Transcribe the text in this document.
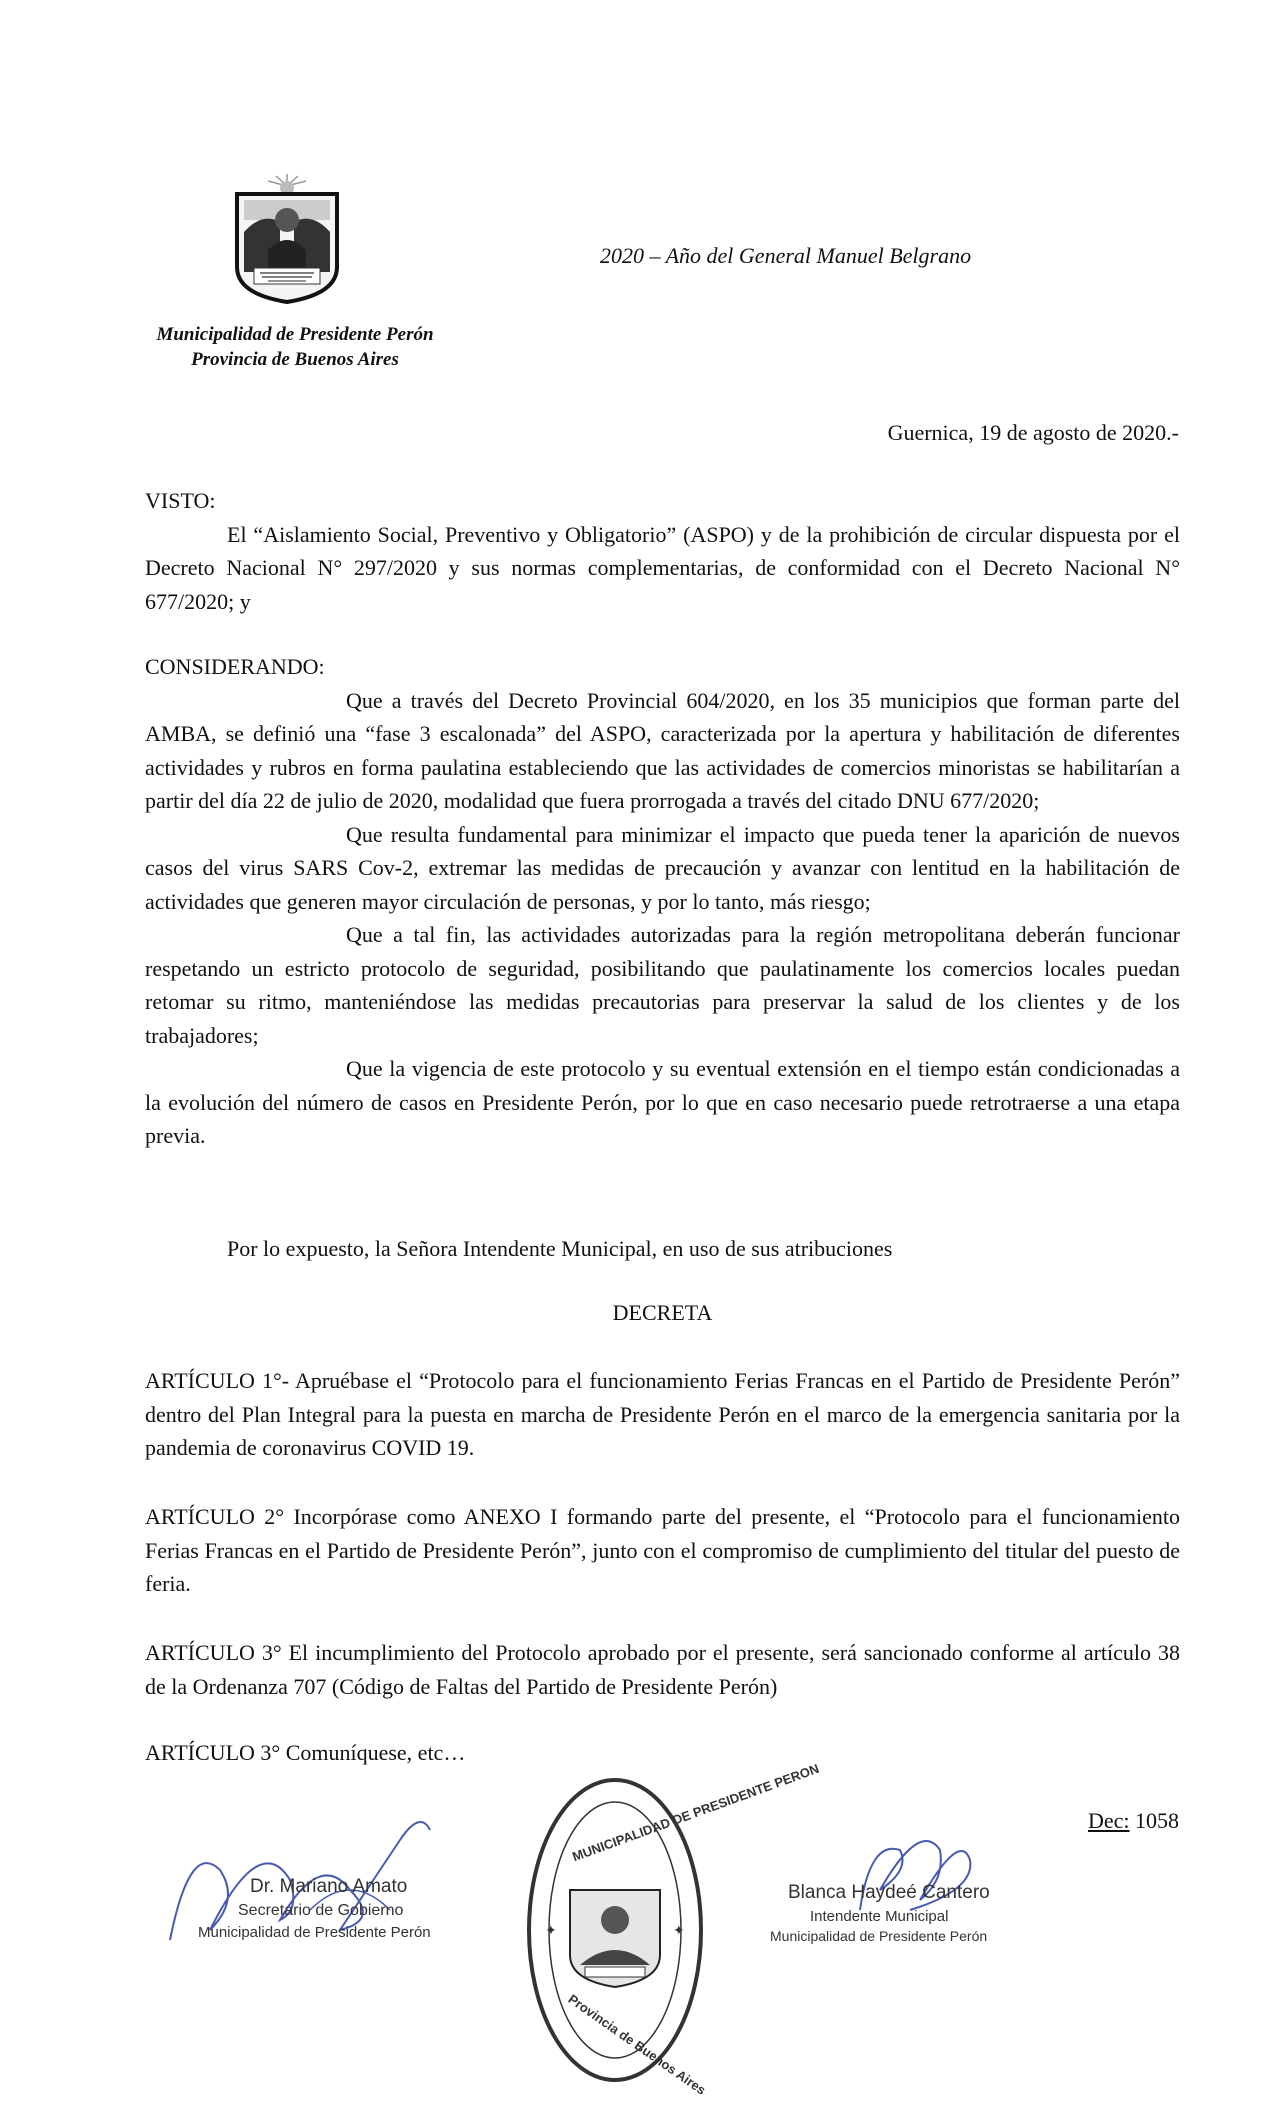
2020 – Año del General Manuel Belgrano
Municipalidad de Presidente Perón
Provincia de Buenos Aires
Guernica, 19 de agosto de 2020.-

VISTO:

El “Aislamiento Social, Preventivo y Obligatorio” (ASPO) y de la prohibición de circular dispuesta por el Decreto Nacional N° 297/2020 y sus normas complementarias, de conformidad con el Decreto Nacional N° 677/2020; y

CONSIDERANDO:

Que a través del Decreto Provincial 604/2020, en los 35 municipios que forman parte del AMBA, se definió una “fase 3 escalonada” del ASPO, caracterizada por la apertura y habilitación de diferentes actividades y rubros en forma paulatina estableciendo que las actividades de comercios minoristas se habilitarían a partir del día 22 de julio de 2020, modalidad que fuera prorrogada a través del citado DNU 677/2020;

Que resulta fundamental para minimizar el impacto que pueda tener la aparición de nuevos casos del virus SARS Cov-2, extremar las medidas de precaución y avanzar con lentitud en la habilitación de actividades que generen mayor circulación de personas, y por lo tanto, más riesgo;

Que a tal fin, las actividades autorizadas para la región metropolitana deberán funcionar respetando un estricto protocolo de seguridad, posibilitando que paulatinamente los comercios locales puedan retomar su ritmo, manteniéndose las medidas precautorias para preservar la salud de los clientes y de los trabajadores;

Que la vigencia de este protocolo y su eventual extensión en el tiempo están condicionadas a la evolución del número de casos en Presidente Perón, por lo que en caso necesario puede retrotraerse a una etapa previa.

Por lo expuesto, la Señora Intendente Municipal, en uso de sus atribuciones

DECRETA
ARTÍCULO 1°- Apruébase el “Protocolo para el funcionamiento Ferias Francas en el Partido de Presidente Perón” dentro del Plan Integral para la puesta en marcha de Presidente Perón en el marco de la emergencia sanitaria por la pandemia de coronavirus COVID 19.
ARTÍCULO 2° Incorpórase como ANEXO I formando parte del presente, el “Protocolo para el funcionamiento Ferias Francas en el Partido de Presidente Perón”, junto con el compromiso de cumplimiento del titular del puesto de feria.
ARTÍCULO 3° El incumplimiento del Protocolo aprobado por el presente, será sancionado conforme al artículo 38 de la Ordenanza 707 (Código de Faltas del Partido de Presidente Perón)
ARTÍCULO 3° Comuníquese, etc…
Dr. Mariano Amato
Secretario de Gobierno
Municipalidad de Presidente Perón	✦	✦
MUNICIPALIDAD DE PRESIDENTE PERON
Provincia de Buenos Aires
Blanca Haydeé Cantero
Intendente Municipal
Municipalidad de Presidente Perón
Dec: 1058
